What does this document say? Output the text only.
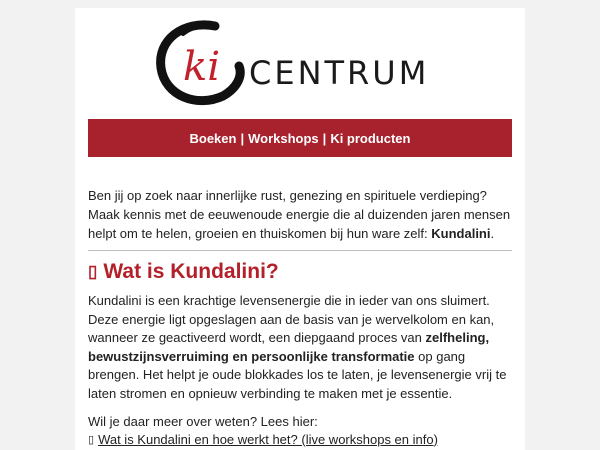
ki CENTRUM
Boeken | Workshops | Ki producten

Ben jij op zoek naar innerlijke rust, genezing en spirituele verdieping?
Maak kennis met de eeuwenoude energie die al duizenden jaren mensen helpt om te helen, groeien en thuiskomen bij hun ware zelf: Kundalini.

▯ Wat is Kundalini?

Kundalini is een krachtige levensenergie die in ieder van ons sluimert. Deze energie ligt opgeslagen aan de basis van je wervelkolom en kan, wanneer ze geactiveerd wordt, een diepgaand proces van zelfheling, bewustzijnsverruiming en persoonlijke transformatie op gang brengen. Het helpt je oude blokkades los te laten, je levensenergie vrij te laten stromen en opnieuw verbinding te maken met je essentie.

Wil je daar meer over weten? Lees hier:

▯ Wat is Kundalini en hoe werkt het? (live workshops en info)
